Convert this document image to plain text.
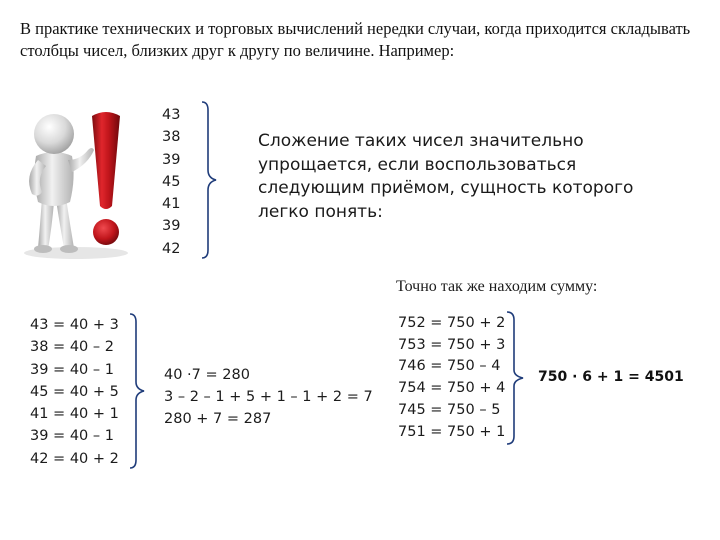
В практике технических и торговых вычислений нередки случаи, когда приходится складывать столбцы чисел, близких друг к другу по величине. Например:
43
38
39
45
41
39
42
Сложение таких чисел значительно упрощается, если воспользоваться следующим приёмом, сущность которого легко понять:
Точно так же находим сумму:
43 = 40 + 3
38 = 40 – 2
39 = 40 – 1
45 = 40 + 5
41 = 40 + 1
39 = 40 – 1
42 = 40 + 2
40 ·7 = 280
3 – 2 – 1 + 5 + 1 – 1 + 2 = 7
280 + 7 = 287
752 = 750 + 2
753 = 750 + 3
746 = 750 – 4
754 = 750 + 4
745 = 750 – 5
751 = 750 + 1
750 · 6 + 1 = 4501
